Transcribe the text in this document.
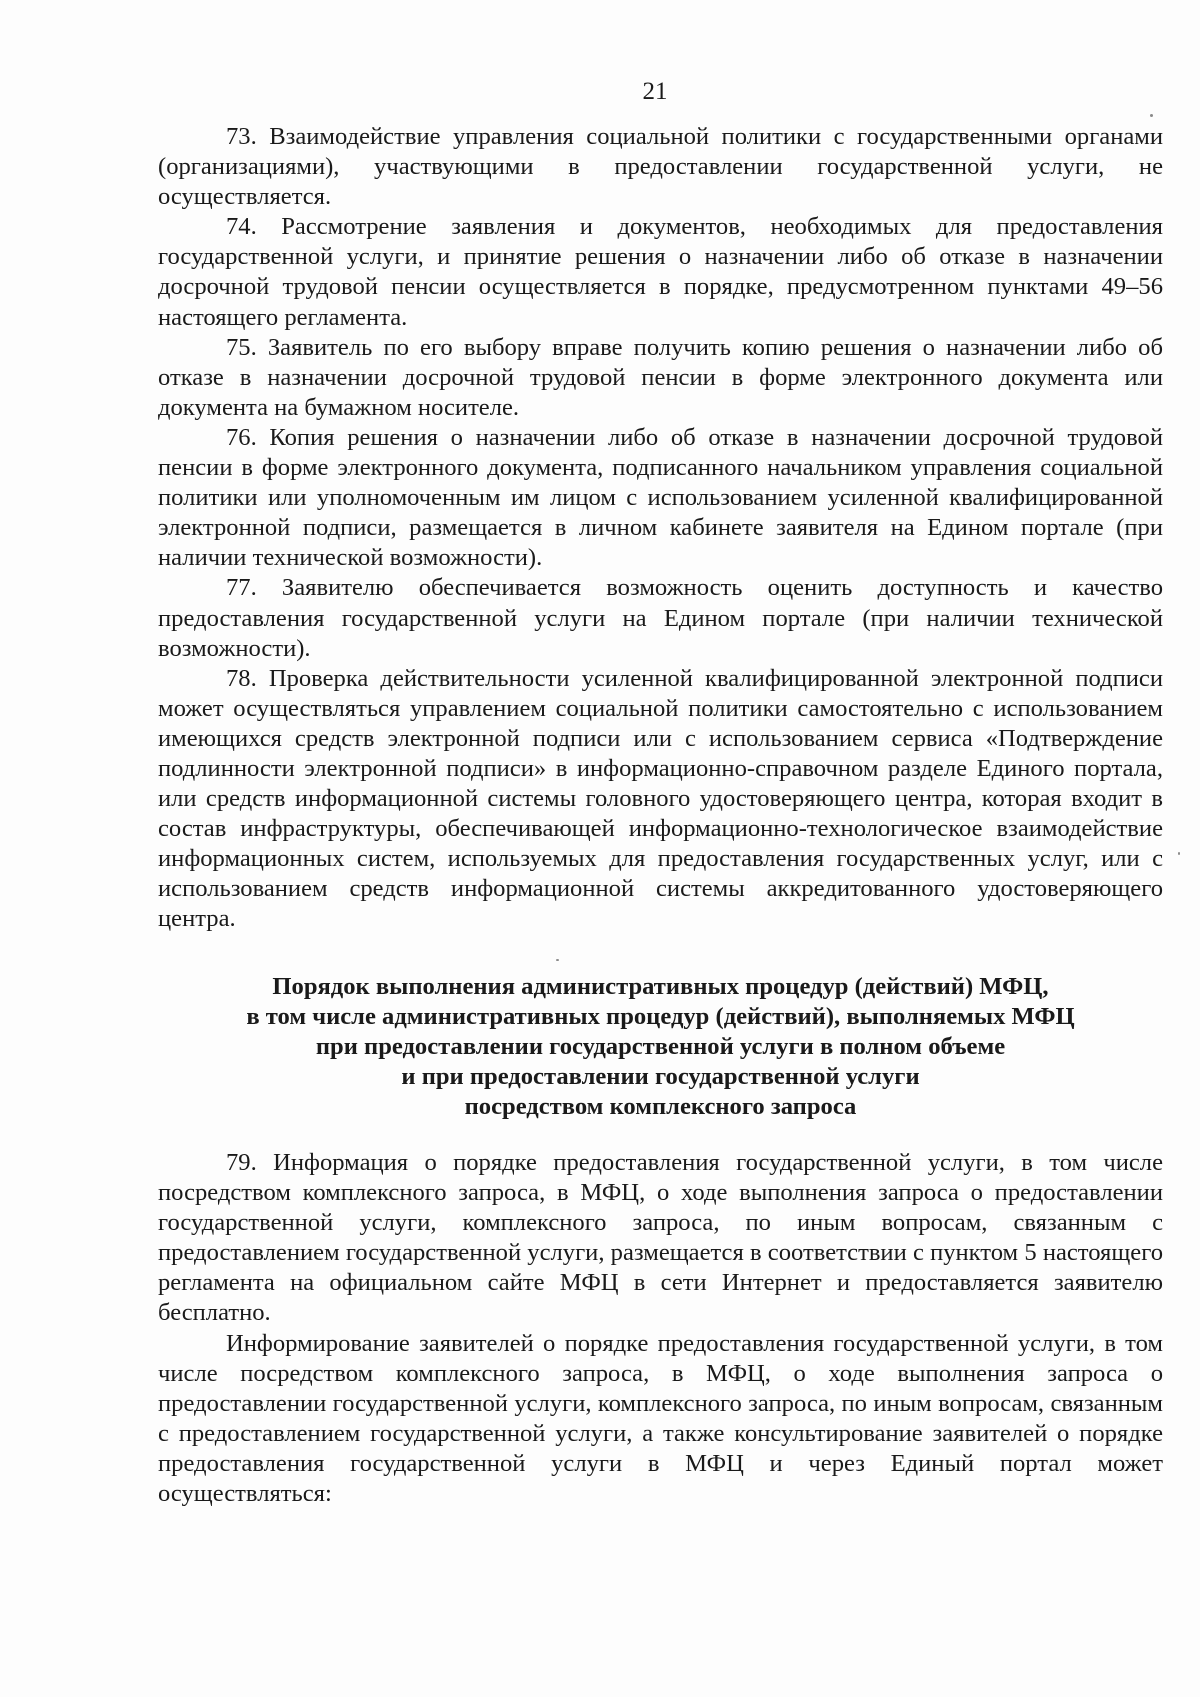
21

73. Взаимодействие управления социальной политики с государственными органами (организациями), участвующими в предоставлении государственной услуги, не осуществляется.

74. Рассмотрение заявления и документов, необходимых для предоставления государственной услуги, и принятие решения о назначении либо об отказе в назначении досрочной трудовой пенсии осуществляется в порядке, предусмотренном пунктами 49–56 настоящего регламента.

75. Заявитель по его выбору вправе получить копию решения о назначении либо об отказе в назначении досрочной трудовой пенсии в форме электронного документа или документа на бумажном носителе.

76. Копия решения о назначении либо об отказе в назначении досрочной трудовой пенсии в форме электронного документа, подписанного начальником управления социальной политики или уполномоченным им лицом с использованием усиленной квалифицированной электронной подписи, размещается в личном кабинете заявителя на Едином портале (при наличии технической возможности).

77. Заявителю обеспечивается возможность оценить доступность и качество предоставления государственной услуги на Едином портале (при наличии технической возможности).

78. Проверка действительности усиленной квалифицированной электронной подписи может осуществляться управлением социальной политики самостоятельно с использованием имеющихся средств электронной подписи или с использованием сервиса «Подтверждение подлинности электронной подписи» в информационно-справочном разделе Единого портала, или средств информационной системы головного удостоверяющего центра, которая входит в состав инфраструктуры, обеспечивающей информационно-технологическое взаимодействие информационных систем, используемых для предоставления государственных услуг, или с использованием средств информационной системы аккредитованного удостоверяющего центра.

Порядок выполнения административных процедур (действий) МФЦ,
в том числе административных процедур (действий), выполняемых МФЦ
при предоставлении государственной услуги в полном объеме
и при предоставлении государственной услуги
посредством комплексного запроса

79. Информация о порядке предоставления государственной услуги, в том числе посредством комплексного запроса, в МФЦ, о ходе выполнения запроса о предоставлении государственной услуги, комплексного запроса, по иным вопросам, связанным с предоставлением государственной услуги, размещается в соответствии с пунктом 5 настоящего регламента на официальном сайте МФЦ в сети Интернет и предоставляется заявителю бесплатно.

Информирование заявителей о порядке предоставления государственной услуги, в том числе посредством комплексного запроса, в МФЦ, о ходе выполнения запроса о предоставлении государственной услуги, комплексного запроса, по иным вопросам, связанным с предоставлением государственной услуги, а также консультирование заявителей о порядке предоставления государственной услуги в МФЦ и через Единый портал может осуществляться:
